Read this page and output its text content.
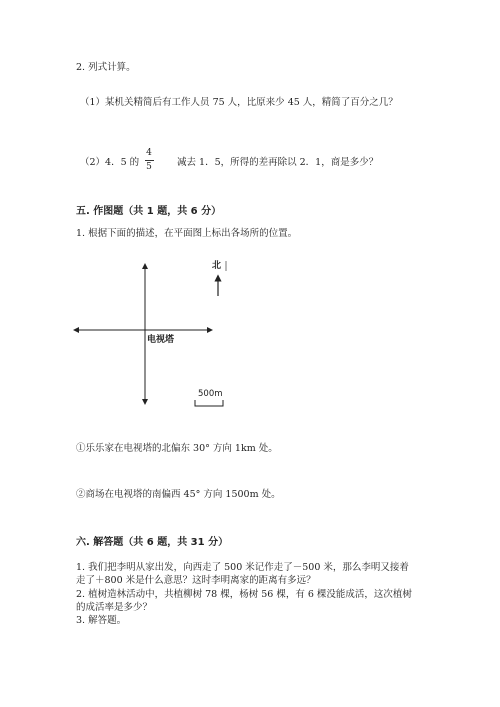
2. 列式计算。

（1）某机关精简后有工作人员 75 人，比原来少 45 人，精简了百分之几？

（2）4．5 的

4
5	减去 1．5，所得的差再除以 2．1，商是多少？

五. 作图题（共 1 题，共 6 分）

1. 根据下面的描述，在平面图上标出各场所的位置。

北
电视塔
500m

①乐乐家在电视塔的北偏东 30° 方向 1km 处。

②商场在电视塔的南偏西 45° 方向 1500m 处。

六. 解答题（共 6 题，共 31 分）

1. 我们把李明从家出发，向西走了 500 米记作走了－500 米，那么李明又接着

走了＋800 米是什么意思？这时李明离家的距离有多远？

2. 植树造林活动中，共植柳树 78 棵，杨树 56 棵，有 6 棵没能成活，这次植树

的成活率是多少？

3. 解答题。
